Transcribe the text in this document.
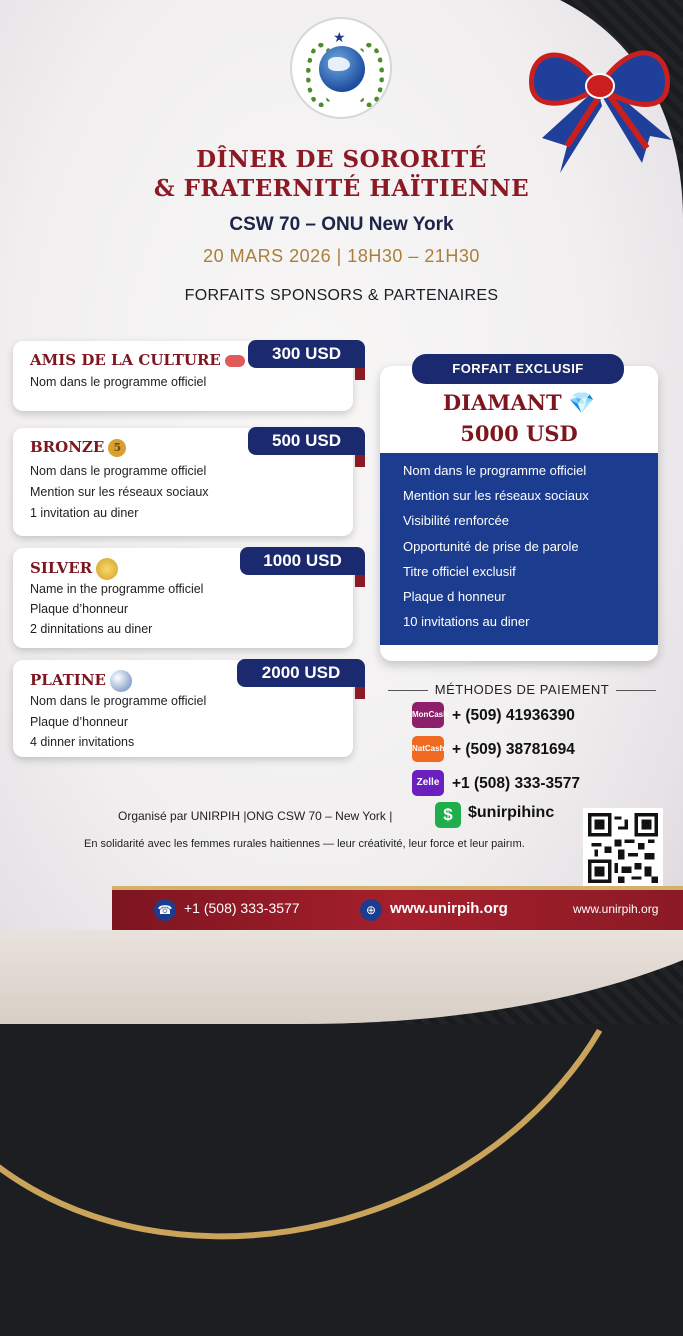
★
DÎNER DE SORORITÉ
& FRATERNITÉ HAÏTIENNE
CSW 70 – ONU New York
20 MARS 2026 | 18H30 – 21H30
FORFAITS SPONSORS & PARTENAIRES
AMIS DE LA CULTURE
Nom dans le programme officiel
300 USD
BRONZE 5
Nom dans le programme officiel
Mention sur les réseaux sociaux
1 invitation au diner
500 USD
SILVER
Name in the programme officiel
Plaque d’honneur
2 dinnitations au diner
1000 USD
PLATINE
Nom dans le programme officiel
Plaque d’honneur
4 dinner invitations
2000 USD
FORFAIT EXCLUSIF
DIAMANT 💎
5000 USD
Nom dans le programme officiel
Mention sur les réseaux sociaux
Visibilité renforcée
Opportunité de prise de parole
Titre officiel exclusif
Plaque d honneur
10 invitations au diner
MÉTHODES DE PAIEMENT
MonCash + (509) 41936390
NatCash + (509) 38781694
Zelle +1 (508) 333-3577
Organisé par UNIRPIH |ONG CSW 70 – New York |	$ $unirpihinc
En solidarité avec les femmes rurales haitiennes — leur créativité, leur force et leur pairım.
☎ +1 (508) 333-3577	⊕ www.unirpih.org	www.unirpih.org
